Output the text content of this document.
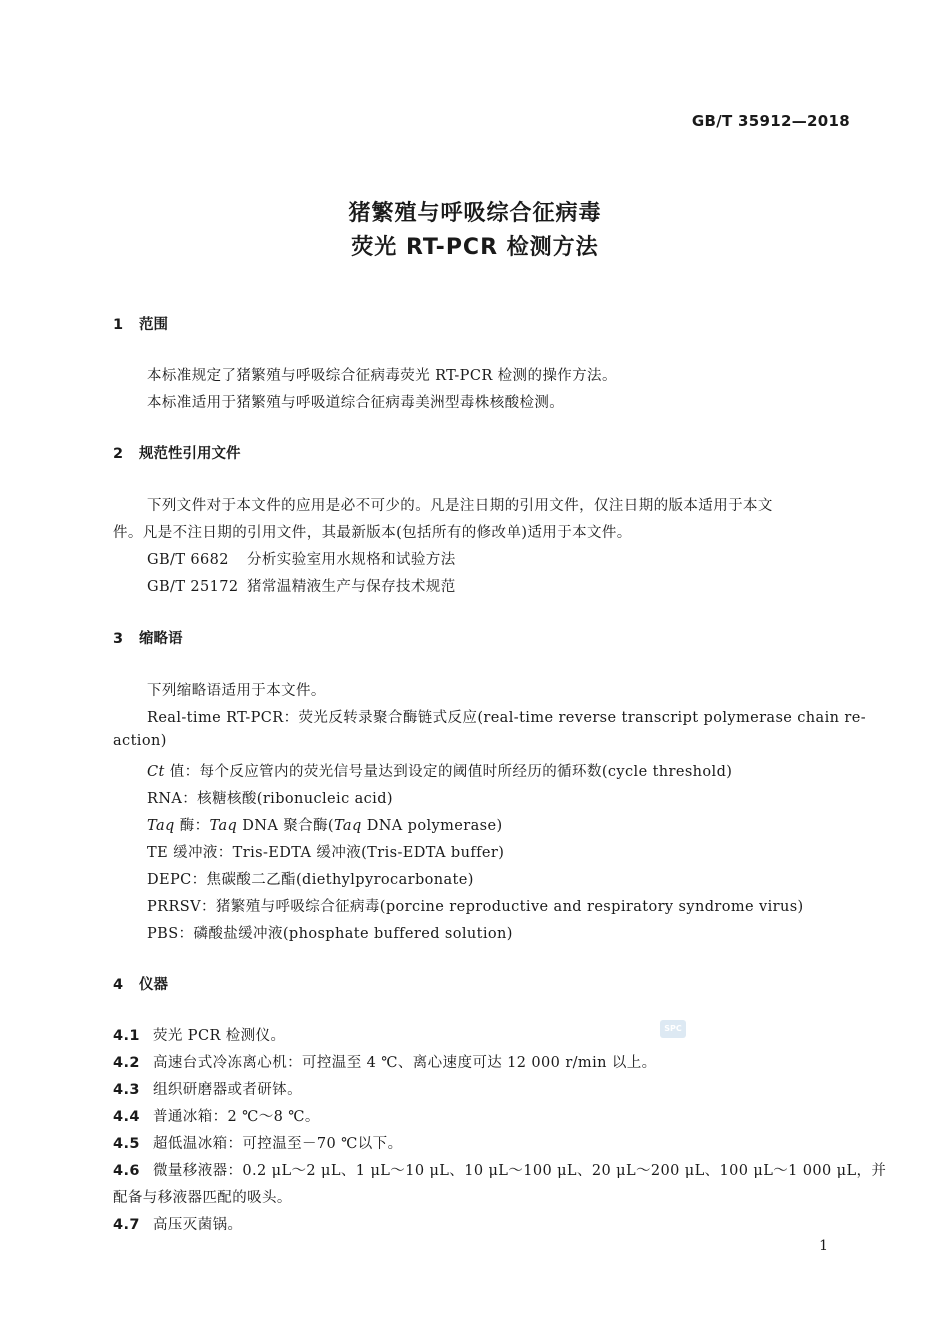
GB/T 35912—2018
猪繁殖与呼吸综合征病毒
荧光 RT-PCR 检测方法
1 范围
本标准规定了猪繁殖与呼吸综合征病毒荧光 RT-PCR 检测的操作方法。
本标准适用于猪繁殖与呼吸道综合征病毒美洲型毒株核酸检测。
2 规范性引用文件
下列文件对于本文件的应用是必不可少的。凡是注日期的引用文件，仅注日期的版本适用于本文
件。凡是不注日期的引用文件，其最新版本(包括所有的修改单)适用于本文件。
GB/T 6682 分析实验室用水规格和试验方法
GB/T 25172 猪常温精液生产与保存技术规范
3 缩略语
下列缩略语适用于本文件。
Real-time RT-PCR：荧光反转录聚合酶链式反应(real-time reverse transcript polymerase chain re-
action)
Ct 值：每个反应管内的荧光信号量达到设定的阈值时所经历的循环数(cycle threshold)
RNA：核糖核酸(ribonucleic acid)
Taq 酶：Taq DNA 聚合酶(Taq DNA polymerase)
TE 缓冲液：Tris-EDTA 缓冲液(Tris-EDTA buffer)
DEPC：焦碳酸二乙酯(diethylpyrocarbonate)
PRRSV：猪繁殖与呼吸综合征病毒(porcine reproductive and respiratory syndrome virus)
PBS：磷酸盐缓冲液(phosphate buffered solution)
4 仪器
4.1 荧光 PCR 检测仪。
4.2 高速台式冷冻离心机：可控温至 4 ℃、离心速度可达 12 000 r/min 以上。
4.3 组织研磨器或者研钵。
4.4 普通冰箱：2 ℃～8 ℃。
4.5 超低温冰箱：可控温至－70 ℃以下。
4.6 微量移液器：0.2 μL～2 μL、1 μL～10 μL、10 μL～100 μL、20 μL～200 μL、100 μL～1 000 μL，并
配备与移液器匹配的吸头。
4.7 高压灭菌锅。
SPC
1
